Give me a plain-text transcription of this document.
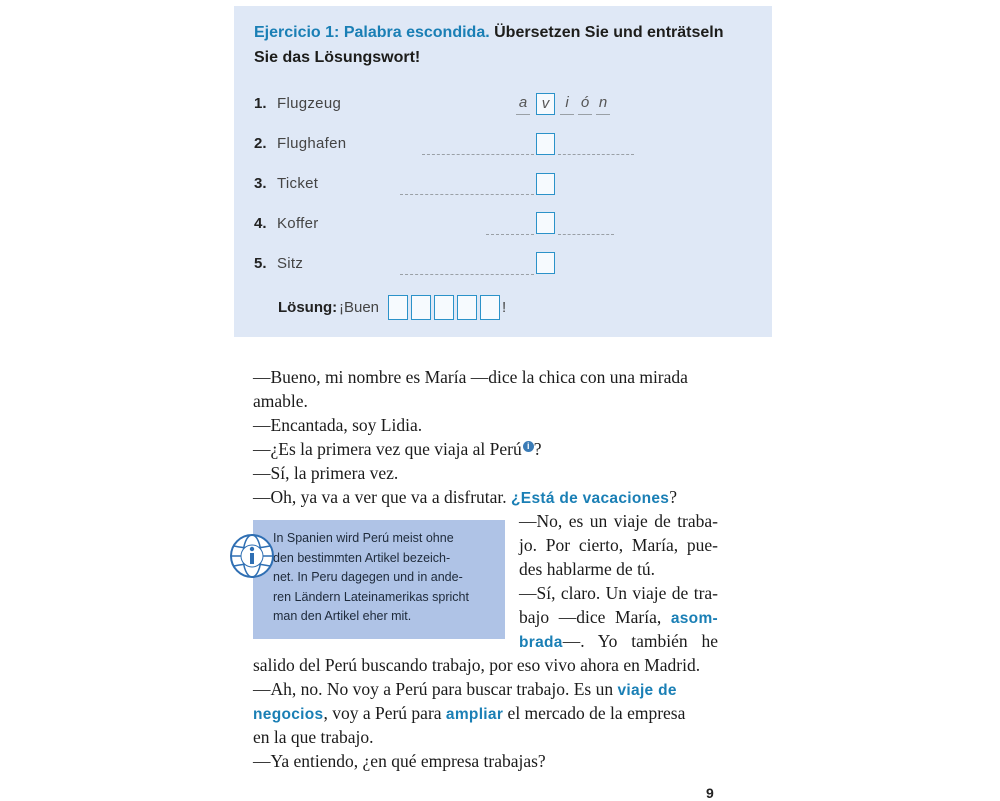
Ejercicio 1: Palabra escondida. Übersetzen Sie und enträtseln
Sie das Lösungswort!
1. Flugzeug	a v	i ó n
2. Flughafen
3. Ticket
4. Koffer
5. Sitz
Lösung: ¡Buen	!
—Bueno, mi nombre es María —dice la chica con una mirada
amable.
—Encantada, soy Lidia.
—¿Es la primera vez que viaja al Perú i ?
—Sí, la primera vez.
—Oh, ya va a ver que va a disfrutar. ¿Está de vacaciones?
—No, es un viaje de traba-
jo. Por cierto, María, pue-
des hablarme de tú.
—Sí, claro. Un viaje de tra-
bajo —dice María, asom-
brada—. Yo también he
salido del Perú buscando trabajo, por eso vivo ahora en Madrid.
—Ah, no. No voy a Perú para buscar trabajo. Es un viaje de
negocios, voy a Perú para ampliar el mercado de la empresa
en la que trabajo.
—Ya entiendo, ¿en qué empresa trabajas?
In Spanien wird Perú meist ohne
den bestimmten Artikel bezeich-
net. In Peru dagegen und in ande-
ren Ländern Lateinamerikas spricht
man den Artikel eher mit.
9
